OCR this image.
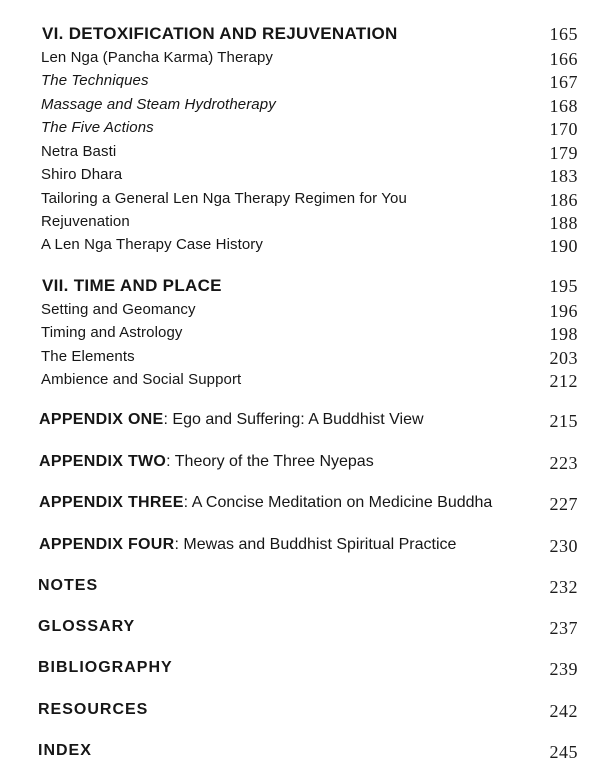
VI. DETOXIFICATION AND REJUVENATION	165
Len Nga (Pancha Karma) Therapy	166
The Techniques	167
Massage and Steam Hydrotherapy	168
The Five Actions	170
Netra Basti	179
Shiro Dhara	183
Tailoring a General Len Nga Therapy Regimen for You	186
Rejuvenation	188
A Len Nga Therapy Case History	190
VII. TIME AND PLACE	195
Setting and Geomancy	196
Timing and Astrology	198
The Elements	203
Ambience and Social Support	212
APPENDIX ONE: Ego and Suffering: A Buddhist View	215
APPENDIX TWO: Theory of the Three Nyepas	223
APPENDIX THREE: A Concise Meditation on Medicine Buddha	227
APPENDIX FOUR: Mewas and Buddhist Spiritual Practice	230
NOTES	232
GLOSSARY	237
BIBLIOGRAPHY	239
RESOURCES	242
INDEX	245
